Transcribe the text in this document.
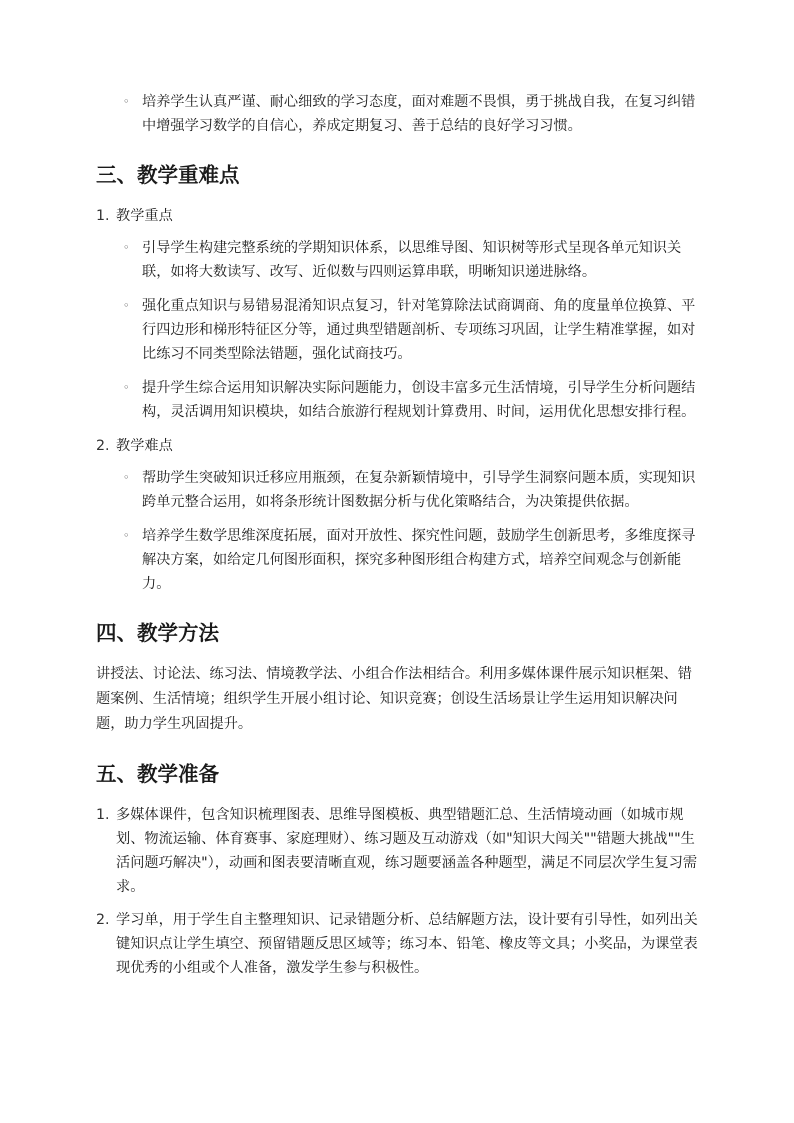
◦ 培养学生认真严谨、耐心细致的学习态度，面对难题不畏惧，勇于挑战自我，在复习纠错中增强学习数学的自信心，养成定期复习、善于总结的良好学习习惯。
三、教学重难点
1. 教学重点
◦ 引导学生构建完整系统的学期知识体系，以思维导图、知识树等形式呈现各单元知识关联，如将大数读写、改写、近似数与四则运算串联，明晰知识递进脉络。
◦ 强化重点知识与易错易混淆知识点复习，针对笔算除法试商调商、角的度量单位换算、平行四边形和梯形特征区分等，通过典型错题剖析、专项练习巩固，让学生精准掌握，如对比练习不同类型除法错题，强化试商技巧。
◦ 提升学生综合运用知识解决实际问题能力，创设丰富多元生活情境，引导学生分析问题结构，灵活调用知识模块，如结合旅游行程规划计算费用、时间，运用优化思想安排行程。
2. 教学难点
◦ 帮助学生突破知识迁移应用瓶颈，在复杂新颖情境中，引导学生洞察问题本质，实现知识跨单元整合运用，如将条形统计图数据分析与优化策略结合，为决策提供依据。
◦ 培养学生数学思维深度拓展，面对开放性、探究性问题，鼓励学生创新思考，多维度探寻解决方案，如给定几何图形面积，探究多种图形组合构建方式，培养空间观念与创新能力。
四、教学方法

讲授法、讨论法、练习法、情境教学法、小组合作法相结合。利用多媒体课件展示知识框架、错题案例、生活情境；组织学生开展小组讨论、知识竞赛；创设生活场景让学生运用知识解决问题，助力学生巩固提升。

五、教学准备
1. 多媒体课件，包含知识梳理图表、思维导图模板、典型错题汇总、生活情境动画（如城市规划、物流运输、体育赛事、家庭理财）、练习题及互动游戏（如"知识大闯关""错题大挑战""生活问题巧解决"），动画和图表要清晰直观，练习题要涵盖各种题型，满足不同层次学生复习需求。
2. 学习单，用于学生自主整理知识、记录错题分析、总结解题方法，设计要有引导性，如列出关键知识点让学生填空、预留错题反思区域等；练习本、铅笔、橡皮等文具；小奖品，为课堂表现优秀的小组或个人准备，激发学生参与积极性。
